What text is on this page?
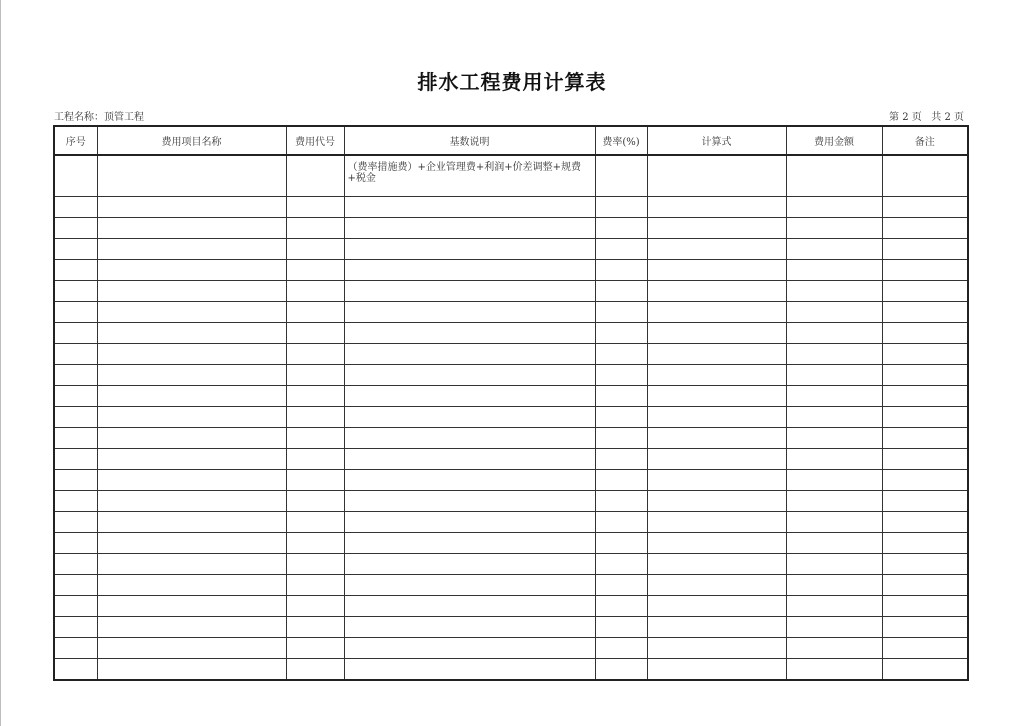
排水工程费用计算表
工程名称：顶管工程	第 2 页   共 2 页
序号	费用项目名称	费用代号	基数说明	费率(%)	计算式	费用金额	备注
			（费率措施费）+企业管理费+利润+价差调整+规费+税金				
